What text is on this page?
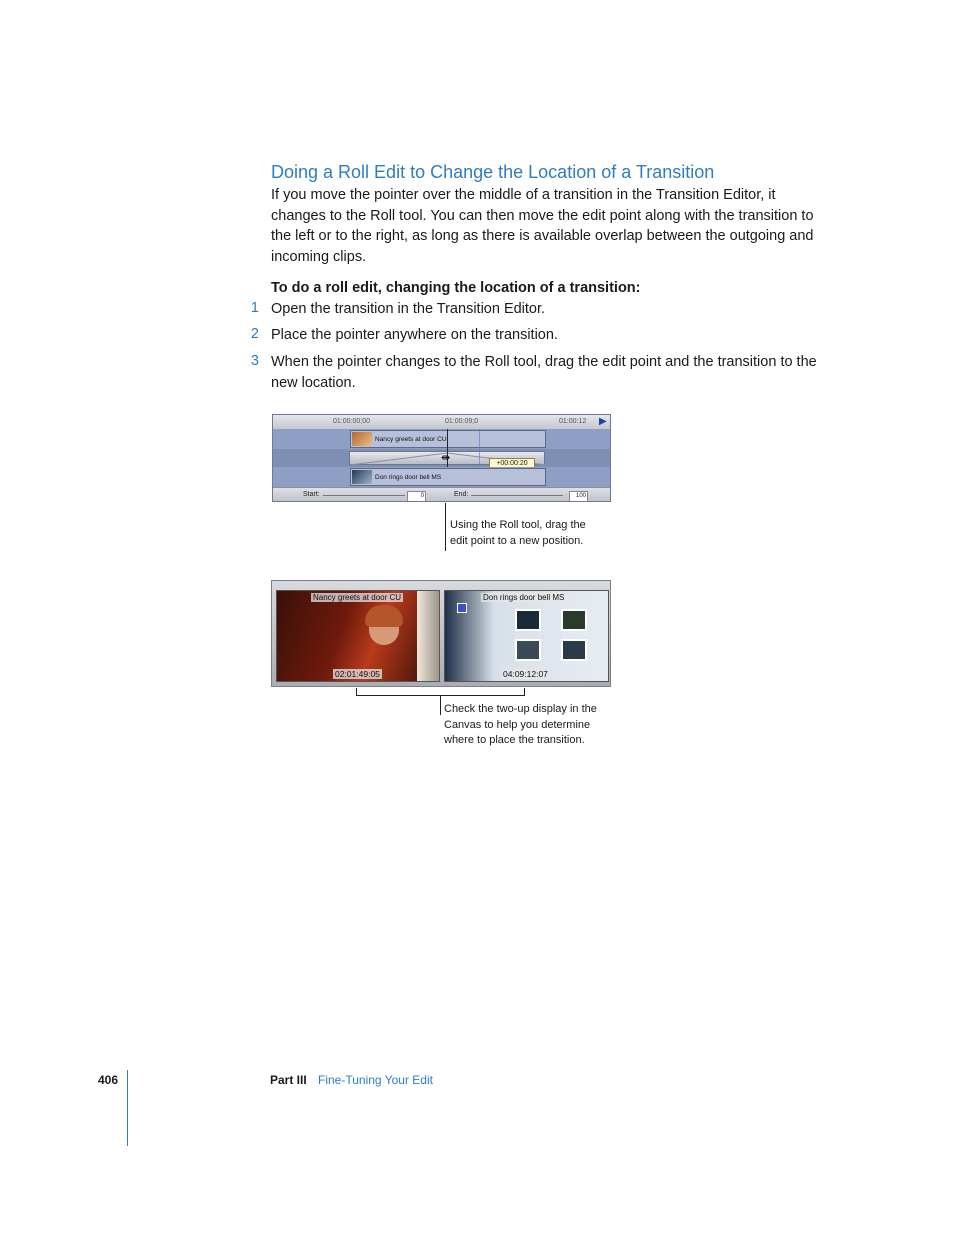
Doing a Roll Edit to Change the Location of a Transition
If you move the pointer over the middle of a transition in the Transition Editor, it changes to the Roll tool. You can then move the edit point along with the transition to the left or to the right, as long as there is available overlap between the outgoing and incoming clips.
To do a roll edit, changing the location of a transition:
1 Open the transition in the Transition Editor.
2 Place the pointer anywhere on the transition.
3 When the pointer changes to the Roll tool, drag the edit point and the transition to the new location.
01:00:00;00	01:00:09;0	01:00:12 ▶
Nancy greets at door CU
⇼	+00:00:20
Don rings door bell MS
Start:	0	End:	100
Using the Roll tool, drag the edit point to a new position.
Nancy greets at door CU
02:01:49:05
Don rings door bell MS
04:09:12:07
Check the two-up display in the Canvas to help you determine where to place the transition.
406	Part III Fine-Tuning Your Edit
